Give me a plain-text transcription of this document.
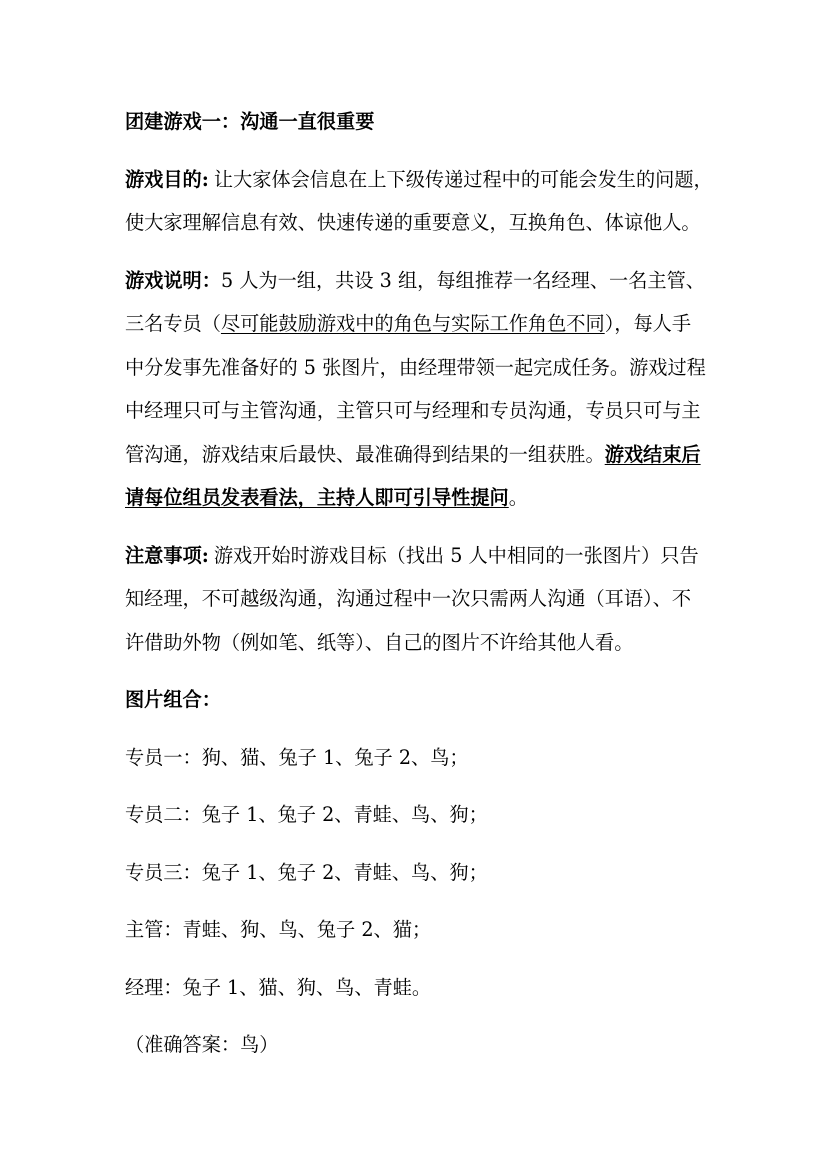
团建游戏一：沟通一直很重要
游戏目的: 让大家体会信息在上下级传递过程中的可能会发生的问题，
使大家理解信息有效、快速传递的重要意义，互换角色、体谅他人。
游戏说明：5 人为一组，共设 3 组，每组推荐一名经理、一名主管、
三名专员（尽可能鼓励游戏中的角色与实际工作角色不同），每人手
中分发事先准备好的 5 张图片，由经理带领一起完成任务。游戏过程
中经理只可与主管沟通，主管只可与经理和专员沟通，专员只可与主
管沟通，游戏结束后最快、最准确得到结果的一组获胜。游戏结束后
请每位组员发表看法，主持人即可引导性提问。
注意事项: 游戏开始时游戏目标（找出 5 人中相同的一张图片）只告
知经理，不可越级沟通，沟通过程中一次只需两人沟通（耳语）、不
许借助外物（例如笔、纸等）、自己的图片不许给其他人看。
图片组合：
专员一：狗、猫、兔子 1、兔子 2、鸟；
专员二：兔子 1、兔子 2、青蛙、鸟、狗；
专员三：兔子 1、兔子 2、青蛙、鸟、狗；
主管：青蛙、狗、鸟、兔子 2、猫；
经理：兔子 1、猫、狗、鸟、青蛙。
（准确答案：鸟）
